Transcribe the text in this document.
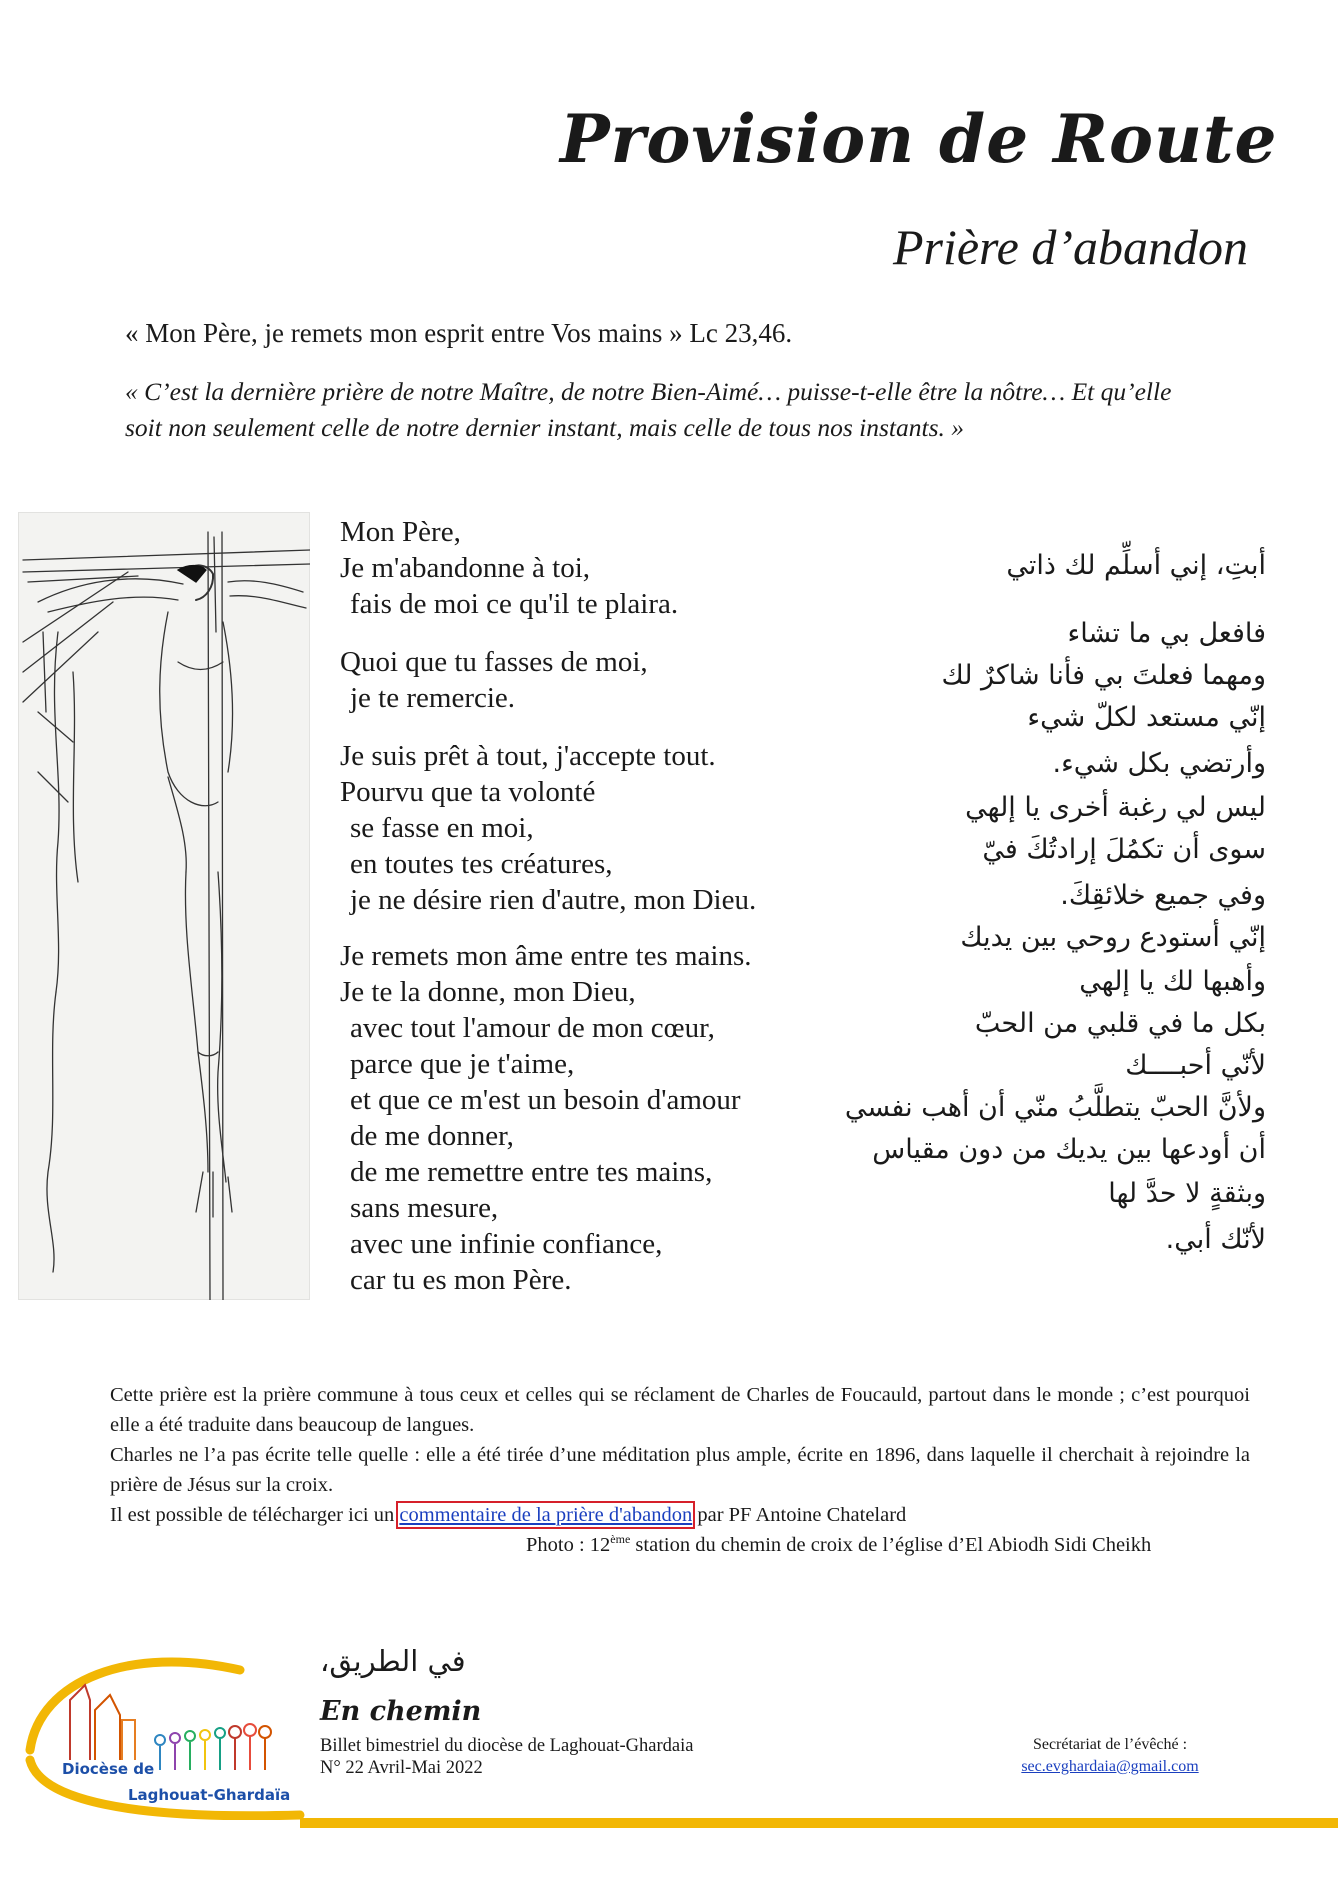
Provision de Route
Prière d’abandon
« Mon Père, je remets mon esprit entre Vos mains » Lc 23,46.
« C’est la dernière prière de notre Maître, de notre Bien-Aimé… puisse-t-elle être la nôtre… Et qu’elle soit non seulement celle de notre dernier instant, mais celle de tous nos instants. »
Mon Père,
Je m'abandonne à toi,
fais de moi ce qu'il te plaira.
Quoi que tu fasses de moi,
je te remercie.
Je suis prêt à tout, j'accepte tout.
Pourvu que ta volonté
se fasse en moi,
en toutes tes créatures,
je ne désire rien d'autre, mon Dieu.
Je remets mon âme entre tes mains.
Je te la donne, mon Dieu,
avec tout l'amour de mon cœur,
parce que je t'aime,
et que ce m'est un besoin d'amour
de me donner,
de me remettre entre tes mains,
sans mesure,
avec une infinie confiance,
car tu es mon Père.
أبتِ، إني أسلِّم لك ذاتي
فافعل بي ما تشاء
ومهما فعلتَ بي فأنا شاكرٌ لك
إنّي مستعد لكلّ شيء
وأرتضي بكل شيء.
ليس لي رغبة أخرى يا إلهي
سوى أن تكمُلَ إرادتُكَ فيّ
وفي جميع خلائقِكَ.
إنّي أستودع روحي بين يديك
وأهبها لك يا إلهي
بكل ما في قلبي من الحبّ
لأنّي أحبــــك
ولأنَّ الحبّ يتطلَّبُ منّي أن أهب نفسي
أن أودعها بين يديك من دون مقياس
وبثقةٍ لا حدَّ لها
لأنّك أبي.

Cette prière est la prière commune à tous ceux et celles qui se réclament de Charles de Foucauld, partout dans le monde ; c’est pourquoi elle a été traduite dans beaucoup de langues.

Charles ne l’a pas écrite telle quelle : elle a été tirée d’une méditation plus ample, écrite en 1896, dans laquelle il cherchait à rejoindre la prière de Jésus sur la croix.

Il est possible de télécharger ici un commentaire de la prière d'abandon par PF Antoine Chatelard

Photo : 12ème station du chemin de croix de l’église d’El Abiodh Sidi Cheikh
Diocèse de
Laghouat-Ghardaïa
في الطريق،
En chemin
Billet bimestriel du diocèse de Laghouat-Ghardaia
N° 22 Avril-Mai 2022
Secrétariat de l’évêché :
sec.evghardaia@gmail.com
